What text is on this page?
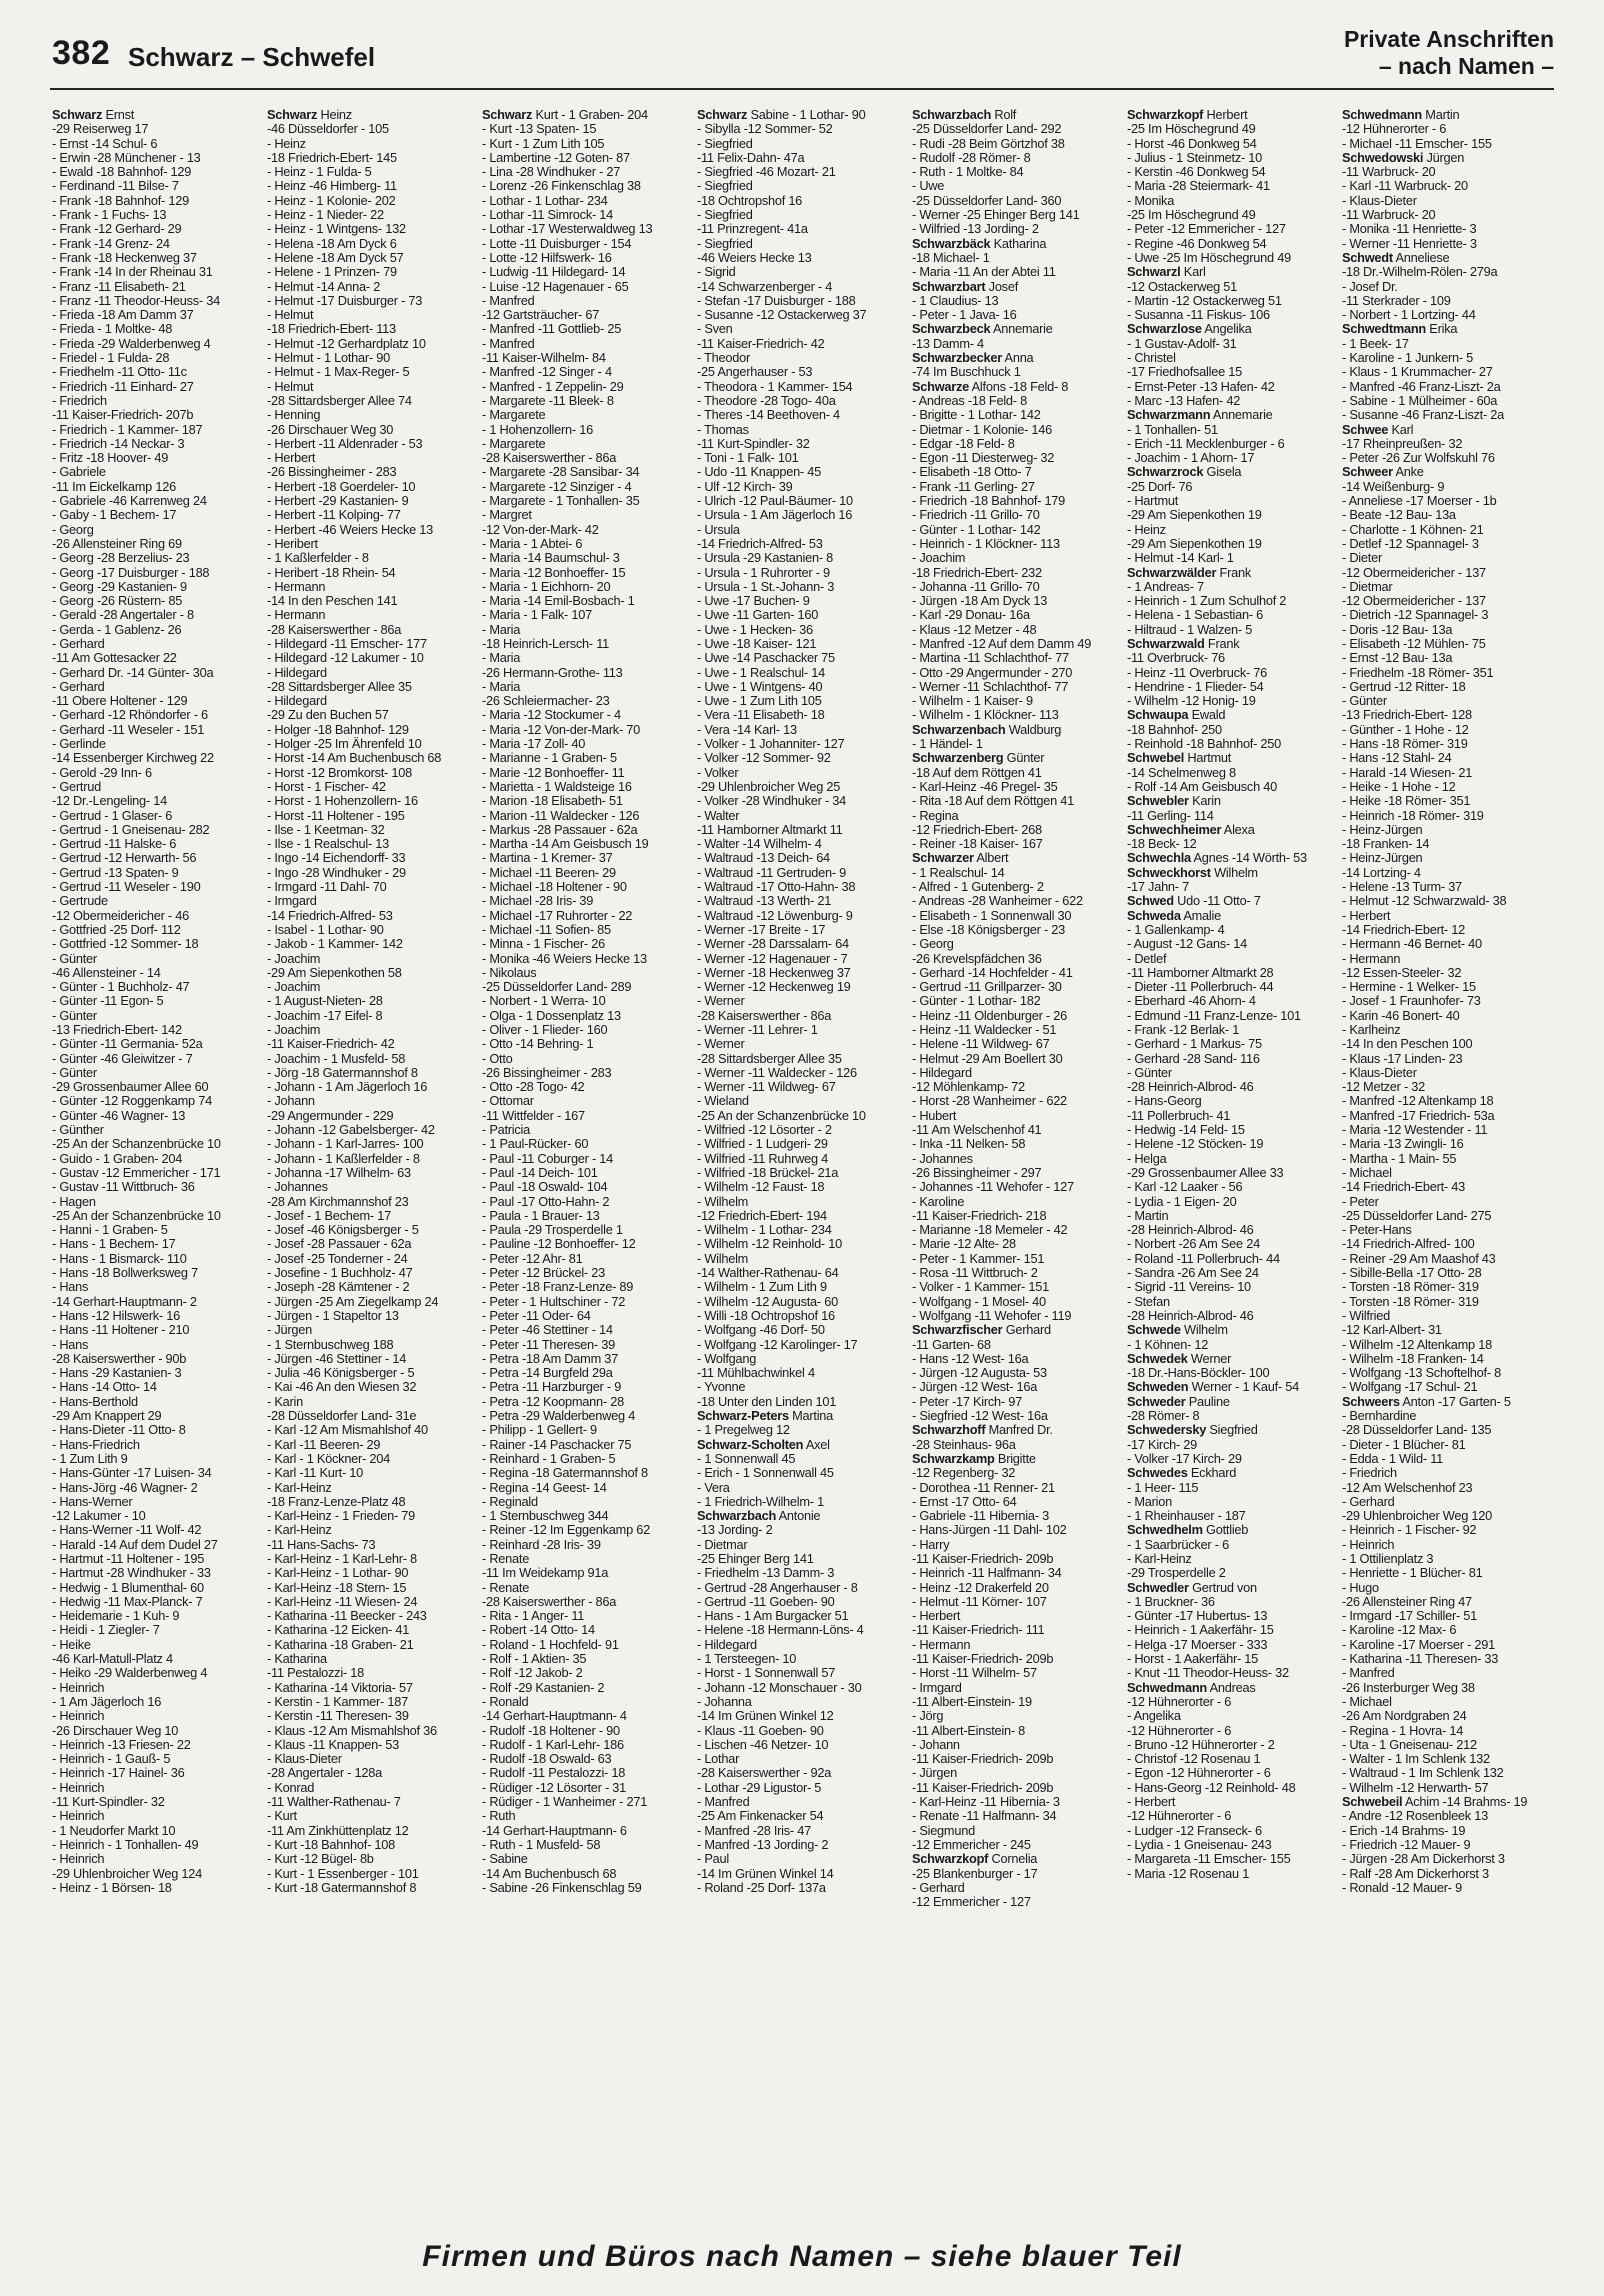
382 Schwarz – Schwefel
Private Anschriften
– nach Namen –
Schwarz Ernst
-29 Reiserweg 17
- Ernst -14 Schul- 6
- Erwin -28 Münchener - 13
- Ewald -18 Bahnhof- 129
- Ferdinand -11 Bilse- 7
- Frank -18 Bahnhof- 129
- Frank - 1 Fuchs- 13
- Frank -12 Gerhard- 29
- Frank -14 Grenz- 24
- Frank -18 Heckenweg 37
- Frank -14 In der Rheinau 31
- Franz -11 Elisabeth- 21
- Franz -11 Theodor-Heuss- 34
- Frieda -18 Am Damm 37
- Frieda - 1 Moltke- 48
- Frieda -29 Walderbenweg 4
- Friedel - 1 Fulda- 28
- Friedhelm -11 Otto- 11c
- Friedrich -11 Einhard- 27
- Friedrich
-11 Kaiser-Friedrich- 207b
- Friedrich - 1 Kammer- 187
- Friedrich -14 Neckar- 3
- Fritz -18 Hoover- 49
- Gabriele
-11 Im Eickelkamp 126
- Gabriele -46 Karrenweg 24
- Gaby - 1 Bechem- 17
- Georg
-26 Allensteiner Ring 69
- Georg -28 Berzelius- 23
- Georg -17 Duisburger - 188
- Georg -29 Kastanien- 9
- Georg -26 Rüstern- 85
- Gerald -28 Angertaler - 8
- Gerda - 1 Gablenz- 26
- Gerhard
-11 Am Gottesacker 22
- Gerhard Dr. -14 Günter- 30a
- Gerhard
-11 Obere Holtener - 129
- Gerhard -12 Rhöndorfer - 6
- Gerhard -11 Weseler - 151
- Gerlinde
-14 Essenberger Kirchweg 22
- Gerold -29 Inn- 6
- Gertrud
-12 Dr.-Lengeling- 14
- Gertrud - 1 Glaser- 6
- Gertrud - 1 Gneisenau- 282
- Gertrud -11 Halske- 6
- Gertrud -12 Herwarth- 56
- Gertrud -13 Spaten- 9
- Gertrud -11 Weseler - 190
- Gertrude
-12 Obermeidericher - 46
- Gottfried -25 Dorf- 112
- Gottfried -12 Sommer- 18
- Günter
-46 Allensteiner - 14
- Günter - 1 Buchholz- 47
- Günter -11 Egon- 5
- Günter
-13 Friedrich-Ebert- 142
- Günter -11 Germania- 52a
- Günter -46 Gleiwitzer - 7
- Günter
-29 Grossenbaumer Allee 60
- Günter -12 Roggenkamp 74
- Günter -46 Wagner- 13
- Günther
-25 An der Schanzenbrücke 10
- Guido - 1 Graben- 204
- Gustav -12 Emmericher - 171
- Gustav -11 Wittbruch- 36
- Hagen
-25 An der Schanzenbrücke 10
- Hanni - 1 Graben- 5
- Hans - 1 Bechem- 17
- Hans - 1 Bismarck- 110
- Hans -18 Bollwerksweg 7
- Hans
-14 Gerhart-Hauptmann- 2
- Hans -12 Hilswerk- 16
- Hans -11 Holtener - 210
- Hans
-28 Kaiserswerther - 90b
- Hans -29 Kastanien- 3
- Hans -14 Otto- 14
- Hans-Berthold
-29 Am Knappert 29
- Hans-Dieter -11 Otto- 8
- Hans-Friedrich
- 1 Zum Lith 9
- Hans-Günter -17 Luisen- 34
- Hans-Jörg -46 Wagner- 2
- Hans-Werner
-12 Lakumer - 10
- Hans-Werner -11 Wolf- 42
- Harald -14 Auf dem Dudel 27
- Hartmut -11 Holtener - 195
- Hartmut -28 Windhuker - 33
- Hedwig - 1 Blumenthal- 60
- Hedwig -11 Max-Planck- 7
- Heidemarie - 1 Kuh- 9
- Heidi - 1 Ziegler- 7
- Heike
-46 Karl-Matull-Platz 4
- Heiko -29 Walderbenweg 4
- Heinrich
- 1 Am Jägerloch 16
- Heinrich
-26 Dirschauer Weg 10
- Heinrich -13 Friesen- 22
- Heinrich - 1 Gauß- 5
- Heinrich -17 Hainel- 36
- Heinrich
-11 Kurt-Spindler- 32
- Heinrich
- 1 Neudorfer Markt 10
- Heinrich - 1 Tonhallen- 49
- Heinrich
-29 Uhlenbroicher Weg 124
- Heinz - 1 Börsen- 18
Schwarz Heinz
-46 Düsseldorfer - 105
- Heinz
-18 Friedrich-Ebert- 145
- Heinz - 1 Fulda- 5
- Heinz -46 Himberg- 11
- Heinz - 1 Kolonie- 202
- Heinz - 1 Nieder- 22
- Heinz - 1 Wintgens- 132
- Helena -18 Am Dyck 6
- Helene -18 Am Dyck 57
- Helene - 1 Prinzen- 79
- Helmut -14 Anna- 2
- Helmut -17 Duisburger - 73
- Helmut
-18 Friedrich-Ebert- 113
- Helmut -12 Gerhardplatz 10
- Helmut - 1 Lothar- 90
- Helmut - 1 Max-Reger- 5
- Helmut
-28 Sittardsberger Allee 74
- Henning
-26 Dirschauer Weg 30
- Herbert -11 Aldenrader - 53
- Herbert
-26 Bissingheimer - 283
- Herbert -18 Goerdeler- 10
- Herbert -29 Kastanien- 9
- Herbert -11 Kolping- 77
- Herbert -46 Weiers Hecke 13
- Heribert
- 1 Kaßlerfelder - 8
- Heribert -18 Rhein- 54
- Hermann
-14 In den Peschen 141
- Hermann
-28 Kaiserswerther - 86a
- Hildegard -11 Emscher- 177
- Hildegard -12 Lakumer - 10
- Hildegard
-28 Sittardsberger Allee 35
- Hildegard
-29 Zu den Buchen 57
- Holger -18 Bahnhof- 129
- Holger -25 Im Ährenfeld 10
- Horst -14 Am Buchenbusch 68
- Horst -12 Bromkorst- 108
- Horst - 1 Fischer- 42
- Horst - 1 Hohenzollern- 16
- Horst -11 Holtener - 195
- Ilse - 1 Keetman- 32
- Ilse - 1 Realschul- 13
- Ingo -14 Eichendorff- 33
- Ingo -28 Windhuker - 29
- Irmgard -11 Dahl- 70
- Irmgard
-14 Friedrich-Alfred- 53
- Isabel - 1 Lothar- 90
- Jakob - 1 Kammer- 142
- Joachim
-29 Am Siepenkothen 58
- Joachim
- 1 August-Nieten- 28
- Joachim -17 Eifel- 8
- Joachim
-11 Kaiser-Friedrich- 42
- Joachim - 1 Musfeld- 58
- Jörg -18 Gatermannshof 8
- Johann - 1 Am Jägerloch 16
- Johann
-29 Angermunder - 229
- Johann -12 Gabelsberger- 42
- Johann - 1 Karl-Jarres- 100
- Johann - 1 Kaßlerfelder - 8
- Johanna -17 Wilhelm- 63
- Johannes
-28 Am Kirchmannshof 23
- Josef - 1 Bechem- 17
- Josef -46 Königsberger - 5
- Josef -28 Passauer - 62a
- Josef -25 Tonderner - 24
- Josefine - 1 Buchholz- 47
- Joseph -28 Kämtener - 2
- Jürgen -25 Am Ziegelkamp 24
- Jürgen - 1 Stapeltor 13
- Jürgen
- 1 Sternbuschweg 188
- Jürgen -46 Stettiner - 14
- Julia -46 Königsberger - 5
- Kai -46 An den Wiesen 32
- Karin
-28 Düsseldorfer Land- 31e
- Karl -12 Am Mismahlshof 40
- Karl -11 Beeren- 29
- Karl - 1 Köckner- 204
- Karl -11 Kurt- 10
- Karl-Heinz
-18 Franz-Lenze-Platz 48
- Karl-Heinz - 1 Frieden- 79
- Karl-Heinz
-11 Hans-Sachs- 73
- Karl-Heinz - 1 Karl-Lehr- 8
- Karl-Heinz - 1 Lothar- 90
- Karl-Heinz -18 Stern- 15
- Karl-Heinz -11 Wiesen- 24
- Katharina -11 Beecker - 243
- Katharina -12 Eicken- 41
- Katharina -18 Graben- 21
- Katharina
-11 Pestalozzi- 18
- Katharina -14 Viktoria- 57
- Kerstin - 1 Kammer- 187
- Kerstin -11 Theresen- 39
- Klaus -12 Am Mismahlshof 36
- Klaus -11 Knappen- 53
- Klaus-Dieter
-28 Angertaler - 128a
- Konrad
-11 Walther-Rathenau- 7
- Kurt
-11 Am Zinkhüttenplatz 12
- Kurt -18 Bahnhof- 108
- Kurt -12 Bügel- 8b
- Kurt - 1 Essenberger - 101
- Kurt -18 Gatermannshof 8
Schwarz Kurt - 1 Graben- 204
- Kurt -13 Spaten- 15
- Kurt - 1 Zum Lith 105
- Lambertine -12 Goten- 87
- Lina -28 Windhuker - 27
- Lorenz -26 Finkenschlag 38
- Lothar - 1 Lothar- 234
- Lothar -11 Simrock- 14
- Lothar -17 Westerwaldweg 13
- Lotte -11 Duisburger - 154
- Lotte -12 Hilfswerk- 16
- Ludwig -11 Hildegard- 14
- Luise -12 Hagenauer - 65
- Manfred
-12 Gartsträucher- 67
- Manfred -11 Gottlieb- 25
- Manfred
-11 Kaiser-Wilhelm- 84
- Manfred -12 Singer - 4
- Manfred - 1 Zeppelin- 29
- Margarete -11 Bleek- 8
- Margarete
- 1 Hohenzollern- 16
- Margarete
-28 Kaiserswerther - 86a
- Margarete -28 Sansibar- 34
- Margarete -12 Sinziger - 4
- Margarete - 1 Tonhallen- 35
- Margret
-12 Von-der-Mark- 42
- Maria - 1 Abtei- 6
- Maria -14 Baumschul- 3
- Maria -12 Bonhoeffer- 15
- Maria - 1 Eichhorn- 20
- Maria -14 Emil-Bosbach- 1
- Maria - 1 Falk- 107
- Maria
-18 Heinrich-Lersch- 11
- Maria
-26 Hermann-Grothe- 113
- Maria
-26 Schleiermacher- 23
- Maria -12 Stockumer - 4
- Maria -12 Von-der-Mark- 70
- Maria -17 Zoll- 40
- Marianne - 1 Graben- 5
- Marie -12 Bonhoeffer- 11
- Marietta - 1 Waldsteige 16
- Marion -18 Elisabeth- 51
- Marion -11 Waldecker - 126
- Markus -28 Passauer - 62a
- Martha -14 Am Geisbusch 19
- Martina - 1 Kremer- 37
- Michael -11 Beeren- 29
- Michael -18 Holtener - 90
- Michael -28 Iris- 39
- Michael -17 Ruhrorter - 22
- Michael -11 Sofien- 85
- Minna - 1 Fischer- 26
- Monika -46 Weiers Hecke 13
- Nikolaus
-25 Düsseldorfer Land- 289
- Norbert - 1 Werra- 10
- Olga - 1 Dossenplatz 13
- Oliver - 1 Flieder- 160
- Otto -14 Behring- 1
- Otto
-26 Bissingheimer - 283
- Otto -28 Togo- 42
- Ottomar
-11 Wittfelder - 167
- Patricia
- 1 Paul-Rücker- 60
- Paul -11 Coburger - 14
- Paul -14 Deich- 101
- Paul -18 Oswald- 104
- Paul -17 Otto-Hahn- 2
- Paula - 1 Brauer- 13
- Paula -29 Trosperdelle 1
- Pauline -12 Bonhoeffer- 12
- Peter -12 Ahr- 81
- Peter -12 Brückel- 23
- Peter -18 Franz-Lenze- 89
- Peter - 1 Hultschiner - 72
- Peter -11 Oder- 64
- Peter -46 Stettiner - 14
- Peter -11 Theresen- 39
- Petra -18 Am Damm 37
- Petra -14 Burgfeld 29a
- Petra -11 Harzburger - 9
- Petra -12 Koopmann- 28
- Petra -29 Walderbenweg 4
- Philipp - 1 Gellert- 9
- Rainer -14 Paschacker 75
- Reinhard - 1 Graben- 5
- Regina -18 Gatermannshof 8
- Regina -14 Geest- 14
- Reginald
- 1 Sternbuschweg 344
- Reiner -12 Im Eggenkamp 62
- Reinhard -28 Iris- 39
- Renate
-11 Im Weidekamp 91a
- Renate
-28 Kaiserswerther - 86a
- Rita - 1 Anger- 11
- Robert -14 Otto- 14
- Roland - 1 Hochfeld- 91
- Rolf - 1 Aktien- 35
- Rolf -12 Jakob- 2
- Rolf -29 Kastanien- 2
- Ronald
-14 Gerhart-Hauptmann- 4
- Rudolf -18 Holtener - 90
- Rudolf - 1 Karl-Lehr- 186
- Rudolf -18 Oswald- 63
- Rudolf -11 Pestalozzi- 18
- Rüdiger -12 Lösorter - 31
- Rüdiger - 1 Wanheimer - 271
- Ruth
-14 Gerhart-Hauptmann- 6
- Ruth - 1 Musfeld- 58
- Sabine
-14 Am Buchenbusch 68
- Sabine -26 Finkenschlag 59
Schwarz Sabine - 1 Lothar- 90
- Sibylla -12 Sommer- 52
- Siegfried
-11 Felix-Dahn- 47a
- Siegfried -46 Mozart- 21
- Siegfried
-18 Ochtropshof 16
- Siegfried
-11 Prinzregent- 41a
- Siegfried
-46 Weiers Hecke 13
- Sigrid
-14 Schwarzenberger - 4
- Stefan -17 Duisburger - 188
- Susanne -12 Ostackerweg 37
- Sven
-11 Kaiser-Friedrich- 42
- Theodor
-25 Angerhauser - 53
- Theodora - 1 Kammer- 154
- Theodore -28 Togo- 40a
- Theres -14 Beethoven- 4
- Thomas
-11 Kurt-Spindler- 32
- Toni - 1 Falk- 101
- Udo -11 Knappen- 45
- Ulf -12 Kirch- 39
- Ulrich -12 Paul-Bäumer- 10
- Ursula - 1 Am Jägerloch 16
- Ursula
-14 Friedrich-Alfred- 53
- Ursula -29 Kastanien- 8
- Ursula - 1 Ruhrorter - 9
- Ursula - 1 St.-Johann- 3
- Uwe -17 Buchen- 9
- Uwe -11 Garten- 160
- Uwe - 1 Hecken- 36
- Uwe -18 Kaiser- 121
- Uwe -14 Paschacker 75
- Uwe - 1 Realschul- 14
- Uwe - 1 Wintgens- 40
- Uwe - 1 Zum Lith 105
- Vera -11 Elisabeth- 18
- Vera -14 Karl- 13
- Volker - 1 Johanniter- 127
- Volker -12 Sommer- 92
- Volker
-29 Uhlenbroicher Weg 25
- Volker -28 Windhuker - 34
- Walter
-11 Hamborner Altmarkt 11
- Walter -14 Wilhelm- 4
- Waltraud -13 Deich- 64
- Waltraud -11 Gertruden- 9
- Waltraud -17 Otto-Hahn- 38
- Waltraud -13 Werth- 21
- Waltraud -12 Löwenburg- 9
- Werner -17 Breite - 17
- Werner -28 Darssalam- 64
- Werner -12 Hagenauer - 7
- Werner -18 Heckenweg 37
- Werner -12 Heckenweg 19
- Werner
-28 Kaiserswerther - 86a
- Werner -11 Lehrer- 1
- Werner
-28 Sittardsberger Allee 35
- Werner -11 Waldecker - 126
- Werner -11 Wildweg- 67
- Wieland
-25 An der Schanzenbrücke 10
- Wilfried -12 Lösorter - 2
- Wilfried - 1 Ludgeri- 29
- Wilfried -11 Ruhrweg 4
- Wilfried -18 Brückel- 21a
- Wilhelm -12 Faust- 18
- Wilhelm
-12 Friedrich-Ebert- 194
- Wilhelm - 1 Lothar- 234
- Wilhelm -12 Reinhold- 10
- Wilhelm
-14 Walther-Rathenau- 64
- Wilhelm - 1 Zum Lith 9
- Wilhelm -12 Augusta- 60
- Willi -18 Ochtropshof 16
- Wolfgang -46 Dorf- 50
- Wolfgang -12 Karolinger- 17
- Wolfgang
-11 Mühlbachwinkel 4
- Yvonne
-18 Unter den Linden 101
Schwarz-Peters Martina
- 1 Pregelweg 12
Schwarz-Scholten Axel
- 1 Sonnenwall 45
- Erich - 1 Sonnenwall 45
- Vera
- 1 Friedrich-Wilhelm- 1
Schwarzbach Antonie
-13 Jording- 2
- Dietmar
-25 Ehinger Berg 141
- Friedhelm -13 Damm- 3
- Gertrud -28 Angerhauser - 8
- Gertrud -11 Goeben- 90
- Hans - 1 Am Burgacker 51
- Helene -18 Hermann-Löns- 4
- Hildegard
- 1 Tersteegen- 10
- Horst - 1 Sonnenwall 57
- Johann -12 Monschauer - 30
- Johanna
-14 Im Grünen Winkel 12
- Klaus -11 Goeben- 90
- Lischen -46 Netzer- 10
- Lothar
-28 Kaiserswerther - 92a
- Lothar -29 Ligustor- 5
- Manfred
-25 Am Finkenacker 54
- Manfred -28 Iris- 47
- Manfred -13 Jording- 2
- Paul
-14 Im Grünen Winkel 14
- Roland -25 Dorf- 137a
Schwarzbach Rolf
-25 Düsseldorfer Land- 292
- Rudi -28 Beim Görtzhof 38
- Rudolf -28 Römer- 8
- Ruth - 1 Moltke- 84
- Uwe
-25 Düsseldorfer Land- 360
- Werner -25 Ehinger Berg 141
- Wilfried -13 Jording- 2
Schwarzbäck Katharina
-18 Michael- 1
- Maria -11 An der Abtei 11
Schwarzbart Josef
- 1 Claudius- 13
- Peter - 1 Java- 16
Schwarzbeck Annemarie
-13 Damm- 4
Schwarzbecker Anna
-74 Im Buschhuck 1
Schwarze Alfons -18 Feld- 8
- Andreas -18 Feld- 8
- Brigitte - 1 Lothar- 142
- Dietmar - 1 Kolonie- 146
- Edgar -18 Feld- 8
- Egon -11 Diesterweg- 32
- Elisabeth -18 Otto- 7
- Frank -11 Gerling- 27
- Friedrich -18 Bahnhof- 179
- Friedrich -11 Grillo- 70
- Günter - 1 Lothar- 142
- Heinrich - 1 Klöckner- 113
- Joachim
-18 Friedrich-Ebert- 232
- Johanna -11 Grillo- 70
- Jürgen -18 Am Dyck 13
- Karl -29 Donau- 16a
- Klaus -12 Metzer - 48
- Manfred -12 Auf dem Damm 49
- Martina -11 Schlachthof- 77
- Otto -29 Angermunder - 270
- Werner -11 Schlachthof- 77
- Wilhelm - 1 Kaiser- 9
- Wilhelm - 1 Klöckner- 113
Schwarzenbach Waldburg
- 1 Händel- 1
Schwarzenberg Günter
-18 Auf dem Röttgen 41
- Karl-Heinz -46 Pregel- 35
- Rita -18 Auf dem Röttgen 41
- Regina
-12 Friedrich-Ebert- 268
- Reiner -18 Kaiser- 167
Schwarzer Albert
- 1 Realschul- 14
- Alfred - 1 Gutenberg- 2
- Andreas -28 Wanheimer - 622
- Elisabeth - 1 Sonnenwall 30
- Else -18 Königsberger - 23
- Georg
-26 Krevelspfädchen 36
- Gerhard -14 Hochfelder - 41
- Gertrud -11 Grillparzer- 30
- Günter - 1 Lothar- 182
- Heinz -11 Oldenburger - 26
- Heinz -11 Waldecker - 51
- Helene -11 Wildweg- 67
- Helmut -29 Am Boellert 30
- Hildegard
-12 Möhlenkamp- 72
- Horst -28 Wanheimer - 622
- Hubert
-11 Am Welschenhof 41
- Inka -11 Nelken- 58
- Johannes
-26 Bissingheimer - 297
- Johannes -11 Wehofer - 127
- Karoline
-11 Kaiser-Friedrich- 218
- Marianne -18 Memeler - 42
- Marie -12 Alte- 28
- Peter - 1 Kammer- 151
- Rosa -11 Wittbruch- 2
- Volker - 1 Kammer- 151
- Wolfgang - 1 Mosel- 40
- Wolfgang -11 Wehofer - 119
Schwarzfischer Gerhard
-11 Garten- 68
- Hans -12 West- 16a
- Jürgen -12 Augusta- 53
- Jürgen -12 West- 16a
- Peter -17 Kirch- 97
- Siegfried -12 West- 16a
Schwarzhoff Manfred Dr.
-28 Steinhaus- 96a
Schwarzkamp Brigitte
-12 Regenberg- 32
- Dorothea -11 Renner- 21
- Ernst -17 Otto- 64
- Gabriele -11 Hibernia- 3
- Hans-Jürgen -11 Dahl- 102
- Harry
-11 Kaiser-Friedrich- 209b
- Heinrich -11 Halfmann- 34
- Heinz -12 Drakerfeld 20
- Helmut -11 Körner- 107
- Herbert
-11 Kaiser-Friedrich- 111
- Hermann
-11 Kaiser-Friedrich- 209b
- Horst -11 Wilhelm- 57
- Irmgard
-11 Albert-Einstein- 19
- Jörg
-11 Albert-Einstein- 8
- Johann
-11 Kaiser-Friedrich- 209b
- Jürgen
-11 Kaiser-Friedrich- 209b
- Karl-Heinz -11 Hibernia- 3
- Renate -11 Halfmann- 34
- Siegmund
-12 Emmericher - 245
Schwarzkopf Cornelia
-25 Blankenburger - 17
- Gerhard
-12 Emmericher - 127
Schwarzkopf Herbert
-25 Im Höschegrund 49
- Horst -46 Donkweg 54
- Julius - 1 Steinmetz- 10
- Kerstin -46 Donkweg 54
- Maria -28 Steiermark- 41
- Monika
-25 Im Höschegrund 49
- Peter -12 Emmericher - 127
- Regine -46 Donkweg 54
- Uwe -25 Im Höschegrund 49
Schwarzl Karl
-12 Ostackerweg 51
- Martin -12 Ostackerweg 51
- Susanna -11 Fiskus- 106
Schwarzlose Angelika
- 1 Gustav-Adolf- 31
- Christel
-17 Friedhofsallee 15
- Ernst-Peter -13 Hafen- 42
- Marc -13 Hafen- 42
Schwarzmann Annemarie
- 1 Tonhallen- 51
- Erich -11 Mecklenburger - 6
- Joachim - 1 Ahorn- 17
Schwarzrock Gisela
-25 Dorf- 76
- Hartmut
-29 Am Siepenkothen 19
- Heinz
-29 Am Siepenkothen 19
- Helmut -14 Karl- 1
Schwarzwälder Frank
- 1 Andreas- 7
- Heinrich - 1 Zum Schulhof 2
- Helena - 1 Sebastian- 6
- Hiltraud - 1 Walzen- 5
Schwarzwald Frank
-11 Overbruck- 76
- Heinz -11 Overbruck- 76
- Hendrine - 1 Flieder- 54
- Wilhelm -12 Honig- 19
Schwaupa Ewald
-18 Bahnhof- 250
- Reinhold -18 Bahnhof- 250
Schwebel Hartmut
-14 Schelmenweg 8
- Rolf -14 Am Geisbusch 40
Schwebler Karin
-11 Gerling- 114
Schwechheimer Alexa
-18 Beck- 12
Schwechla Agnes -14 Wörth- 53
Schweckhorst Wilhelm
-17 Jahn- 7
Schwed Udo -11 Otto- 7
Schweda Amalie
- 1 Gallenkamp- 4
- August -12 Gans- 14
- Detlef
-11 Hamborner Altmarkt 28
- Dieter -11 Pollerbruch- 44
- Eberhard -46 Ahorn- 4
- Edmund -11 Franz-Lenze- 101
- Frank -12 Berlak- 1
- Gerhard - 1 Markus- 75
- Gerhard -28 Sand- 116
- Günter
-28 Heinrich-Albrod- 46
- Hans-Georg
-11 Pollerbruch- 41
- Hedwig -14 Feld- 15
- Helene -12 Stöcken- 19
- Helga
-29 Grossenbaumer Allee 33
- Karl -12 Laaker - 56
- Lydia - 1 Eigen- 20
- Martin
-28 Heinrich-Albrod- 46
- Norbert -26 Am See 24
- Roland -11 Pollerbruch- 44
- Sandra -26 Am See 24
- Sigrid -11 Vereins- 10
- Stefan
-28 Heinrich-Albrod- 46
Schwede Wilhelm
- 1 Köhnen- 12
Schwedek Werner
-18 Dr.-Hans-Böckler- 100
Schweden Werner - 1 Kauf- 54
Schweder Pauline
-28 Römer- 8
Schwedersky Siegfried
-17 Kirch- 29
- Volker -17 Kirch- 29
Schwedes Eckhard
- 1 Heer- 115
- Marion
- 1 Rheinhauser - 187
Schwedhelm Gottlieb
- 1 Saarbrücker - 6
- Karl-Heinz
-29 Trosperdelle 2
Schwedler Gertrud von
- 1 Bruckner- 36
- Günter -17 Hubertus- 13
- Heinrich - 1 Aakerfähr- 15
- Helga -17 Moerser - 333
- Horst - 1 Aakerfähr- 15
- Knut -11 Theodor-Heuss- 32
Schwedmann Andreas
-12 Hühnerorter - 6
- Angelika
-12 Hühnerorter - 6
- Bruno -12 Hühnerorter - 2
- Christof -12 Rosenau 1
- Egon -12 Hühnerorter - 6
- Hans-Georg -12 Reinhold- 48
- Herbert
-12 Hühnerorter - 6
- Ludger -12 Franseck- 6
- Lydia - 1 Gneisenau- 243
- Margareta -11 Emscher- 155
- Maria -12 Rosenau 1
Schwedmann Martin
-12 Hühnerorter - 6
- Michael -11 Emscher- 155
Schwedowski Jürgen
-11 Warbruck- 20
- Karl -11 Warbruck- 20
- Klaus-Dieter
-11 Warbruck- 20
- Monika -11 Henriette- 3
- Werner -11 Henriette- 3
Schwedt Anneliese
-18 Dr.-Wilhelm-Rölen- 279a
- Josef Dr.
-11 Sterkrader - 109
- Norbert - 1 Lortzing- 44
Schwedtmann Erika
- 1 Beek- 17
- Karoline - 1 Junkern- 5
- Klaus - 1 Krummacher- 27
- Manfred -46 Franz-Liszt- 2a
- Sabine - 1 Mülheimer - 60a
- Susanne -46 Franz-Liszt- 2a
Schwee Karl
-17 Rheinpreußen- 32
- Peter -26 Zur Wolfskuhl 76
Schweer Anke
-14 Weißenburg- 9
- Anneliese -17 Moerser - 1b
- Beate -12 Bau- 13a
- Charlotte - 1 Köhnen- 21
- Detlef -12 Spannagel- 3
- Dieter
-12 Obermeidericher - 137
- Dietmar
-12 Obermeidericher - 137
- Dietrich -12 Spannagel- 3
- Doris -12 Bau- 13a
- Elisabeth -12 Mühlen- 75
- Ernst -12 Bau- 13a
- Friedhelm -18 Römer- 351
- Gertrud -12 Ritter- 18
- Günter
-13 Friedrich-Ebert- 128
- Günther - 1 Hohe - 12
- Hans -18 Römer- 319
- Hans -12 Stahl- 24
- Harald -14 Wiesen- 21
- Heike - 1 Hohe - 12
- Heike -18 Römer- 351
- Heinrich -18 Römer- 319
- Heinz-Jürgen
-18 Franken- 14
- Heinz-Jürgen
-14 Lortzing- 4
- Helene -13 Turm- 37
- Helmut -12 Schwarzwald- 38
- Herbert
-14 Friedrich-Ebert- 12
- Hermann -46 Bernet- 40
- Hermann
-12 Essen-Steeler- 32
- Hermine - 1 Welker- 15
- Josef - 1 Fraunhofer- 73
- Karin -46 Bonert- 40
- Karlheinz
-14 In den Peschen 100
- Klaus -17 Linden- 23
- Klaus-Dieter
-12 Metzer - 32
- Manfred -12 Altenkamp 18
- Manfred -17 Friedrich- 53a
- Maria -12 Westender - 11
- Maria -13 Zwingli- 16
- Martha - 1 Main- 55
- Michael
-14 Friedrich-Ebert- 43
- Peter
-25 Düsseldorfer Land- 275
- Peter-Hans
-14 Friedrich-Alfred- 100
- Reiner -29 Am Maashof 43
- Sibille-Bella -17 Otto- 28
- Torsten -18 Römer- 319
- Torsten -18 Römer- 319
- Wilfried
-12 Karl-Albert- 31
- Wilhelm -12 Altenkamp 18
- Wilhelm -18 Franken- 14
- Wolfgang -13 Schoftelhof- 8
- Wolfgang -17 Schul- 21
Schweers Anton -17 Garten- 5
- Bernhardine
-28 Düsseldorfer Land- 135
- Dieter - 1 Blücher- 81
- Edda - 1 Wild- 11
- Friedrich
-12 Am Welschenhof 23
- Gerhard
-29 Uhlenbroicher Weg 120
- Heinrich - 1 Fischer- 92
- Heinrich
- 1 Ottilienplatz 3
- Henriette - 1 Blücher- 81
- Hugo
-26 Allensteiner Ring 47
- Irmgard -17 Schiller- 51
- Karoline -12 Max- 6
- Karoline -17 Moerser - 291
- Katharina -11 Theresen- 33
- Manfred
-26 Insterburger Weg 38
- Michael
-26 Am Nordgraben 24
- Regina - 1 Hovra- 14
- Uta - 1 Gneisenau- 212
- Walter - 1 Im Schlenk 132
- Waltraud - 1 Im Schlenk 132
- Wilhelm -12 Herwarth- 57
Schwebeil Achim -14 Brahms- 19
- Andre -12 Rosenbleek 13
- Erich -14 Brahms- 19
- Friedrich -12 Mauer- 9
- Jürgen -28 Am Dickerhorst 3
- Ralf -28 Am Dickerhorst 3
- Ronald -12 Mauer- 9
Firmen und Büros nach Namen – siehe blauer Teil
